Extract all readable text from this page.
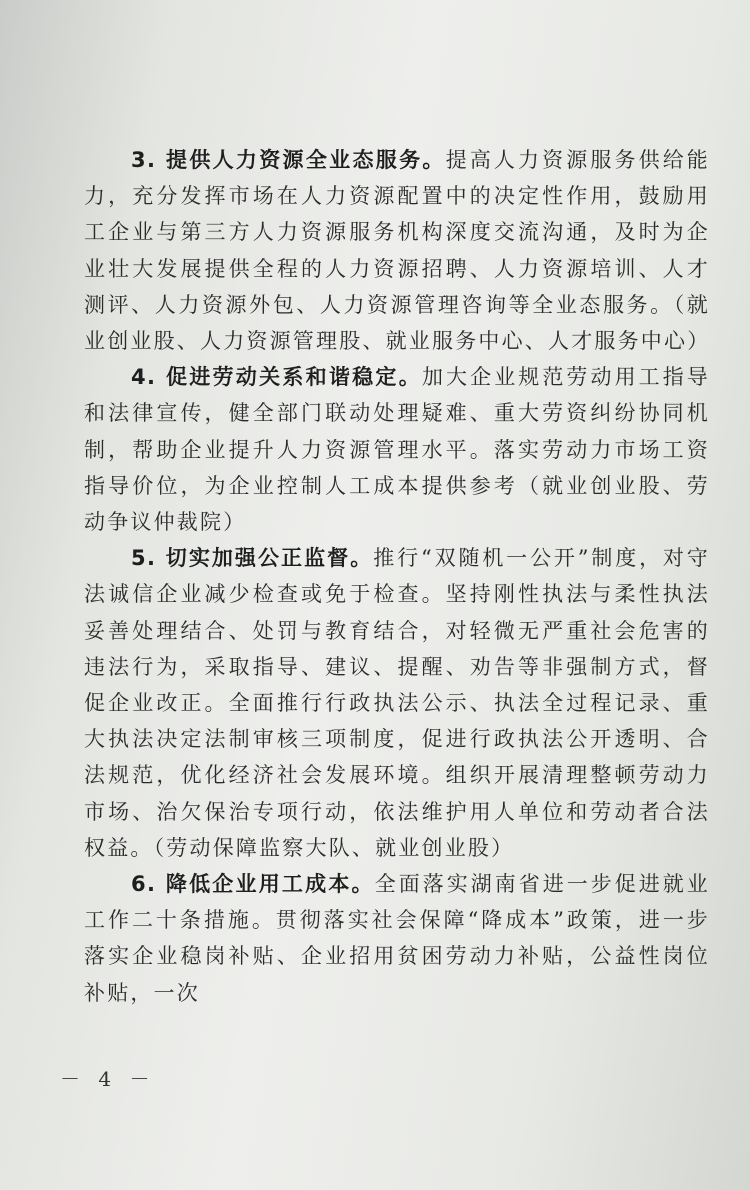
3. 提供人力资源全业态服务。提高人力资源服务供给能力，充分发挥市场在人力资源配置中的决定性作用，鼓励用工企业与第三方人力资源服务机构深度交流沟通，及时为企业壮大发展提供全程的人力资源招聘、人力资源培训、人才测评、人力资源外包、人力资源管理咨询等全业态服务。（就业创业股、人力资源管理股、就业服务中心、人才服务中心）

4. 促进劳动关系和谐稳定。加大企业规范劳动用工指导和法律宣传，健全部门联动处理疑难、重大劳资纠纷协同机制，帮助企业提升人力资源管理水平。落实劳动力市场工资指导价位，为企业控制人工成本提供参考（就业创业股、劳动争议仲裁院）

5. 切实加强公正监督。推行“双随机一公开”制度，对守法诚信企业减少检查或免于检查。坚持刚性执法与柔性执法妥善处理结合、处罚与教育结合，对轻微无严重社会危害的违法行为，采取指导、建议、提醒、劝告等非强制方式，督促企业改正。全面推行行政执法公示、执法全过程记录、重大执法决定法制审核三项制度，促进行政执法公开透明、合法规范，优化经济社会发展环境。组织开展清理整顿劳动力市场、治欠保治专项行动，依法维护用人单位和劳动者合法权益。（劳动保障监察大队、就业创业股）

6. 降低企业用工成本。全面落实湖南省进一步促进就业工作二十条措施。贯彻落实社会保障“降成本”政策，进一步落实企业稳岗补贴、企业招用贫困劳动力补贴，公益性岗位补贴，一次

－ 4 －
